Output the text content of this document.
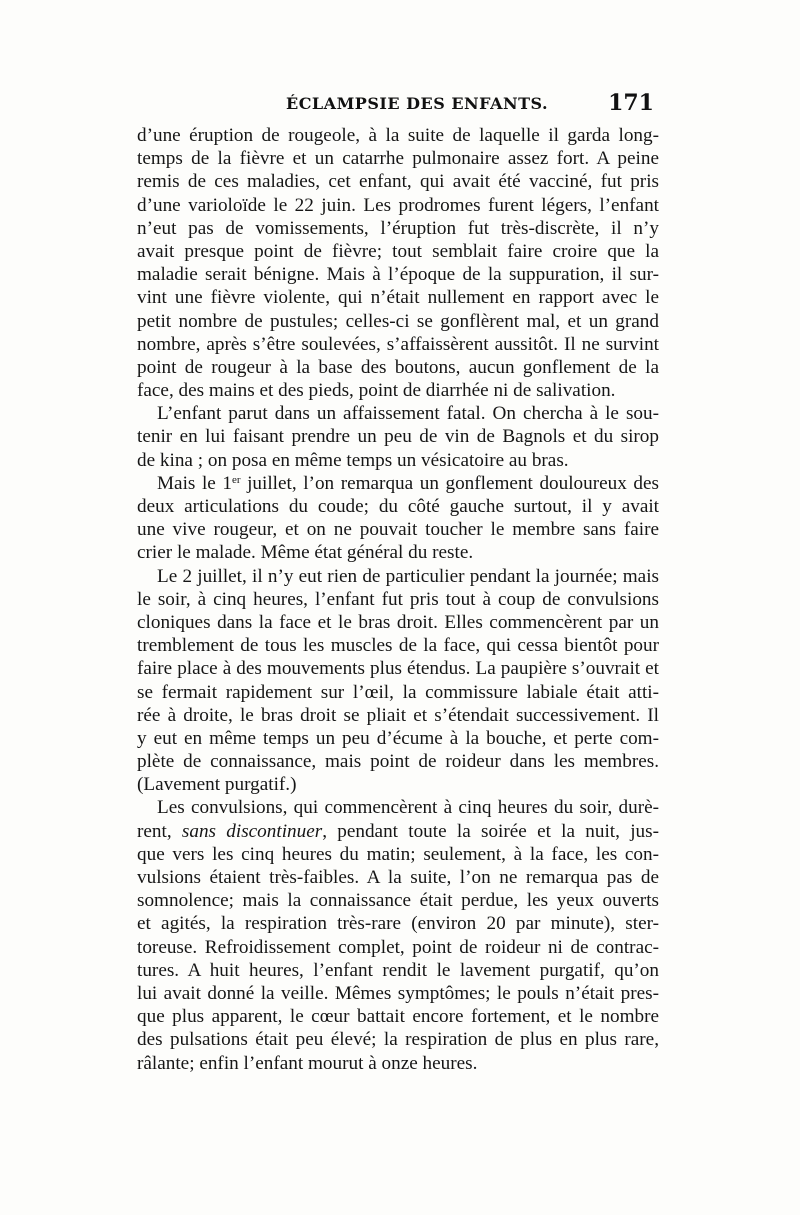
ÉCLAMPSIE DES ENFANTS.	171
d’une éruption de rougeole, à la suite de laquelle il garda long-
temps de la fièvre et un catarrhe pulmonaire assez fort. A peine
remis de ces maladies, cet enfant, qui avait été vacciné, fut pris
d’une varioloïde le 22 juin. Les prodromes furent légers, l’enfant
n’eut pas de vomissements, l’éruption fut très-discrète, il n’y
avait presque point de fièvre; tout semblait faire croire que la
maladie serait bénigne. Mais à l’époque de la suppuration, il sur-
vint une fièvre violente, qui n’était nullement en rapport avec le
petit nombre de pustules; celles-ci se gonflèrent mal, et un grand
nombre, après s’être soulevées, s’affaissèrent aussitôt. Il ne survint
point de rougeur à la base des boutons, aucun gonflement de la
face, des mains et des pieds, point de diarrhée ni de salivation.
L’enfant parut dans un affaissement fatal. On chercha à le sou-
tenir en lui faisant prendre un peu de vin de Bagnols et du sirop
de kina ; on posa en même temps un vésicatoire au bras.
Mais le 1er juillet, l’on remarqua un gonflement douloureux des
deux articulations du coude; du côté gauche surtout, il y avait
une vive rougeur, et on ne pouvait toucher le membre sans faire
crier le malade. Même état général du reste.
Le 2 juillet, il n’y eut rien de particulier pendant la journée; mais
le soir, à cinq heures, l’enfant fut pris tout à coup de convulsions
cloniques dans la face et le bras droit. Elles commencèrent par un
tremblement de tous les muscles de la face, qui cessa bientôt pour
faire place à des mouvements plus étendus. La paupière s’ouvrait et
se fermait rapidement sur l’œil, la commissure labiale était atti-
rée à droite, le bras droit se pliait et s’étendait successivement. Il
y eut en même temps un peu d’écume à la bouche, et perte com-
plète de connaissance, mais point de roideur dans les membres.
(Lavement purgatif.)
Les convulsions, qui commencèrent à cinq heures du soir, durè-
rent, sans discontinuer, pendant toute la soirée et la nuit, jus-
que vers les cinq heures du matin; seulement, à la face, les con-
vulsions étaient très-faibles. A la suite, l’on ne remarqua pas de
somnolence; mais la connaissance était perdue, les yeux ouverts
et agités, la respiration très-rare (environ 20 par minute), ster-
toreuse. Refroidissement complet, point de roideur ni de contrac-
tures. A huit heures, l’enfant rendit le lavement purgatif, qu’on
lui avait donné la veille. Mêmes symptômes; le pouls n’était pres-
que plus apparent, le cœur battait encore fortement, et le nombre
des pulsations était peu élevé; la respiration de plus en plus rare,
râlante; enfin l’enfant mourut à onze heures.
